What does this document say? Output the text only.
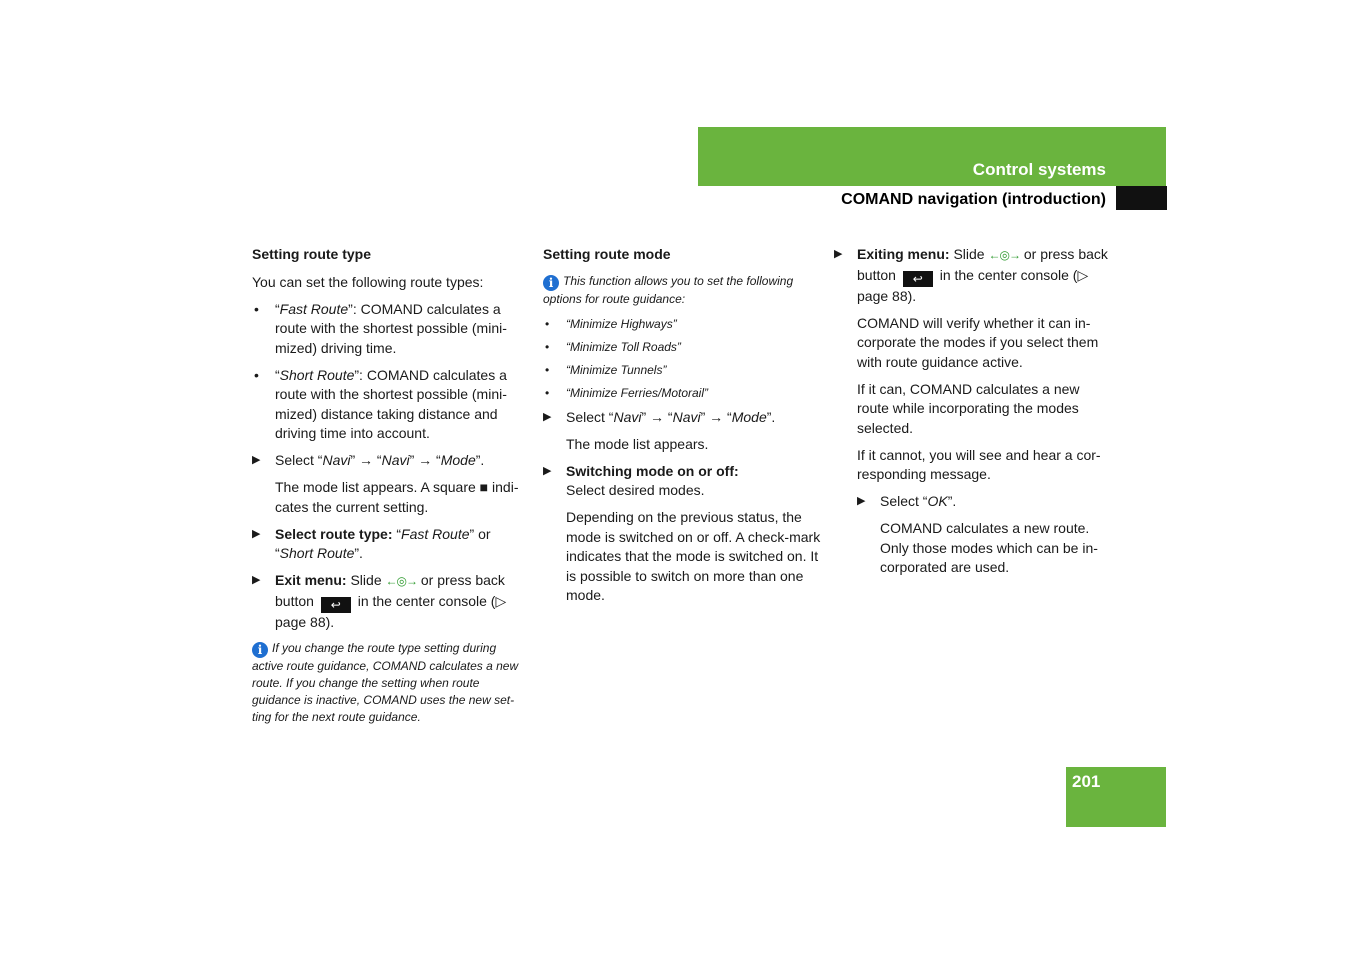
Control systems
COMAND navigation (introduction)
Setting route type

You can set the following route types:

• “Fast Route”: COMAND calculates a route with the shortest possible (mini-mized) driving time.
• “Short Route”: COMAND calculates a route with the shortest possible (mini-mized) distance taking distance and driving time into account.
▶ Select “Navi” → “Navi” → “Mode”.

The mode list appears. A square ■ indi-cates the current setting.

▶ Select route type: “Fast Route” or “Short Route”.
▶ Exit menu: Slide ←◎→ or press back button ↩ in the center console (▷ page 88).
i If you change the route type setting during active route guidance, COMAND calculates a new route. If you change the setting when route guidance is inactive, COMAND uses the new set-ting for the next route guidance.
Setting route mode
i This function allows you to set the following options for route guidance:
• “Minimize Highways”
• “Minimize Toll Roads”
• “Minimize Tunnels”
• “Minimize Ferries/Motorail”
▶ Select “Navi” → “Navi” → “Mode”.

The mode list appears.

▶ Switching mode on or off:
Select desired modes.

Depending on the previous status, the mode is switched on or off. A check-mark indicates that the mode is switched on. It is possible to switch on more than one mode.

▶ Exiting menu: Slide ←◎→ or press back button ↩ in the center console (▷ page 88).

COMAND will verify whether it can in-corporate the modes if you select them with route guidance active.

If it can, COMAND calculates a new route while incorporating the modes selected.

If it cannot, you will see and hear a cor-responding message.

▶ Select “OK”.

COMAND calculates a new route. Only those modes which can be in-corporated are used.

201
